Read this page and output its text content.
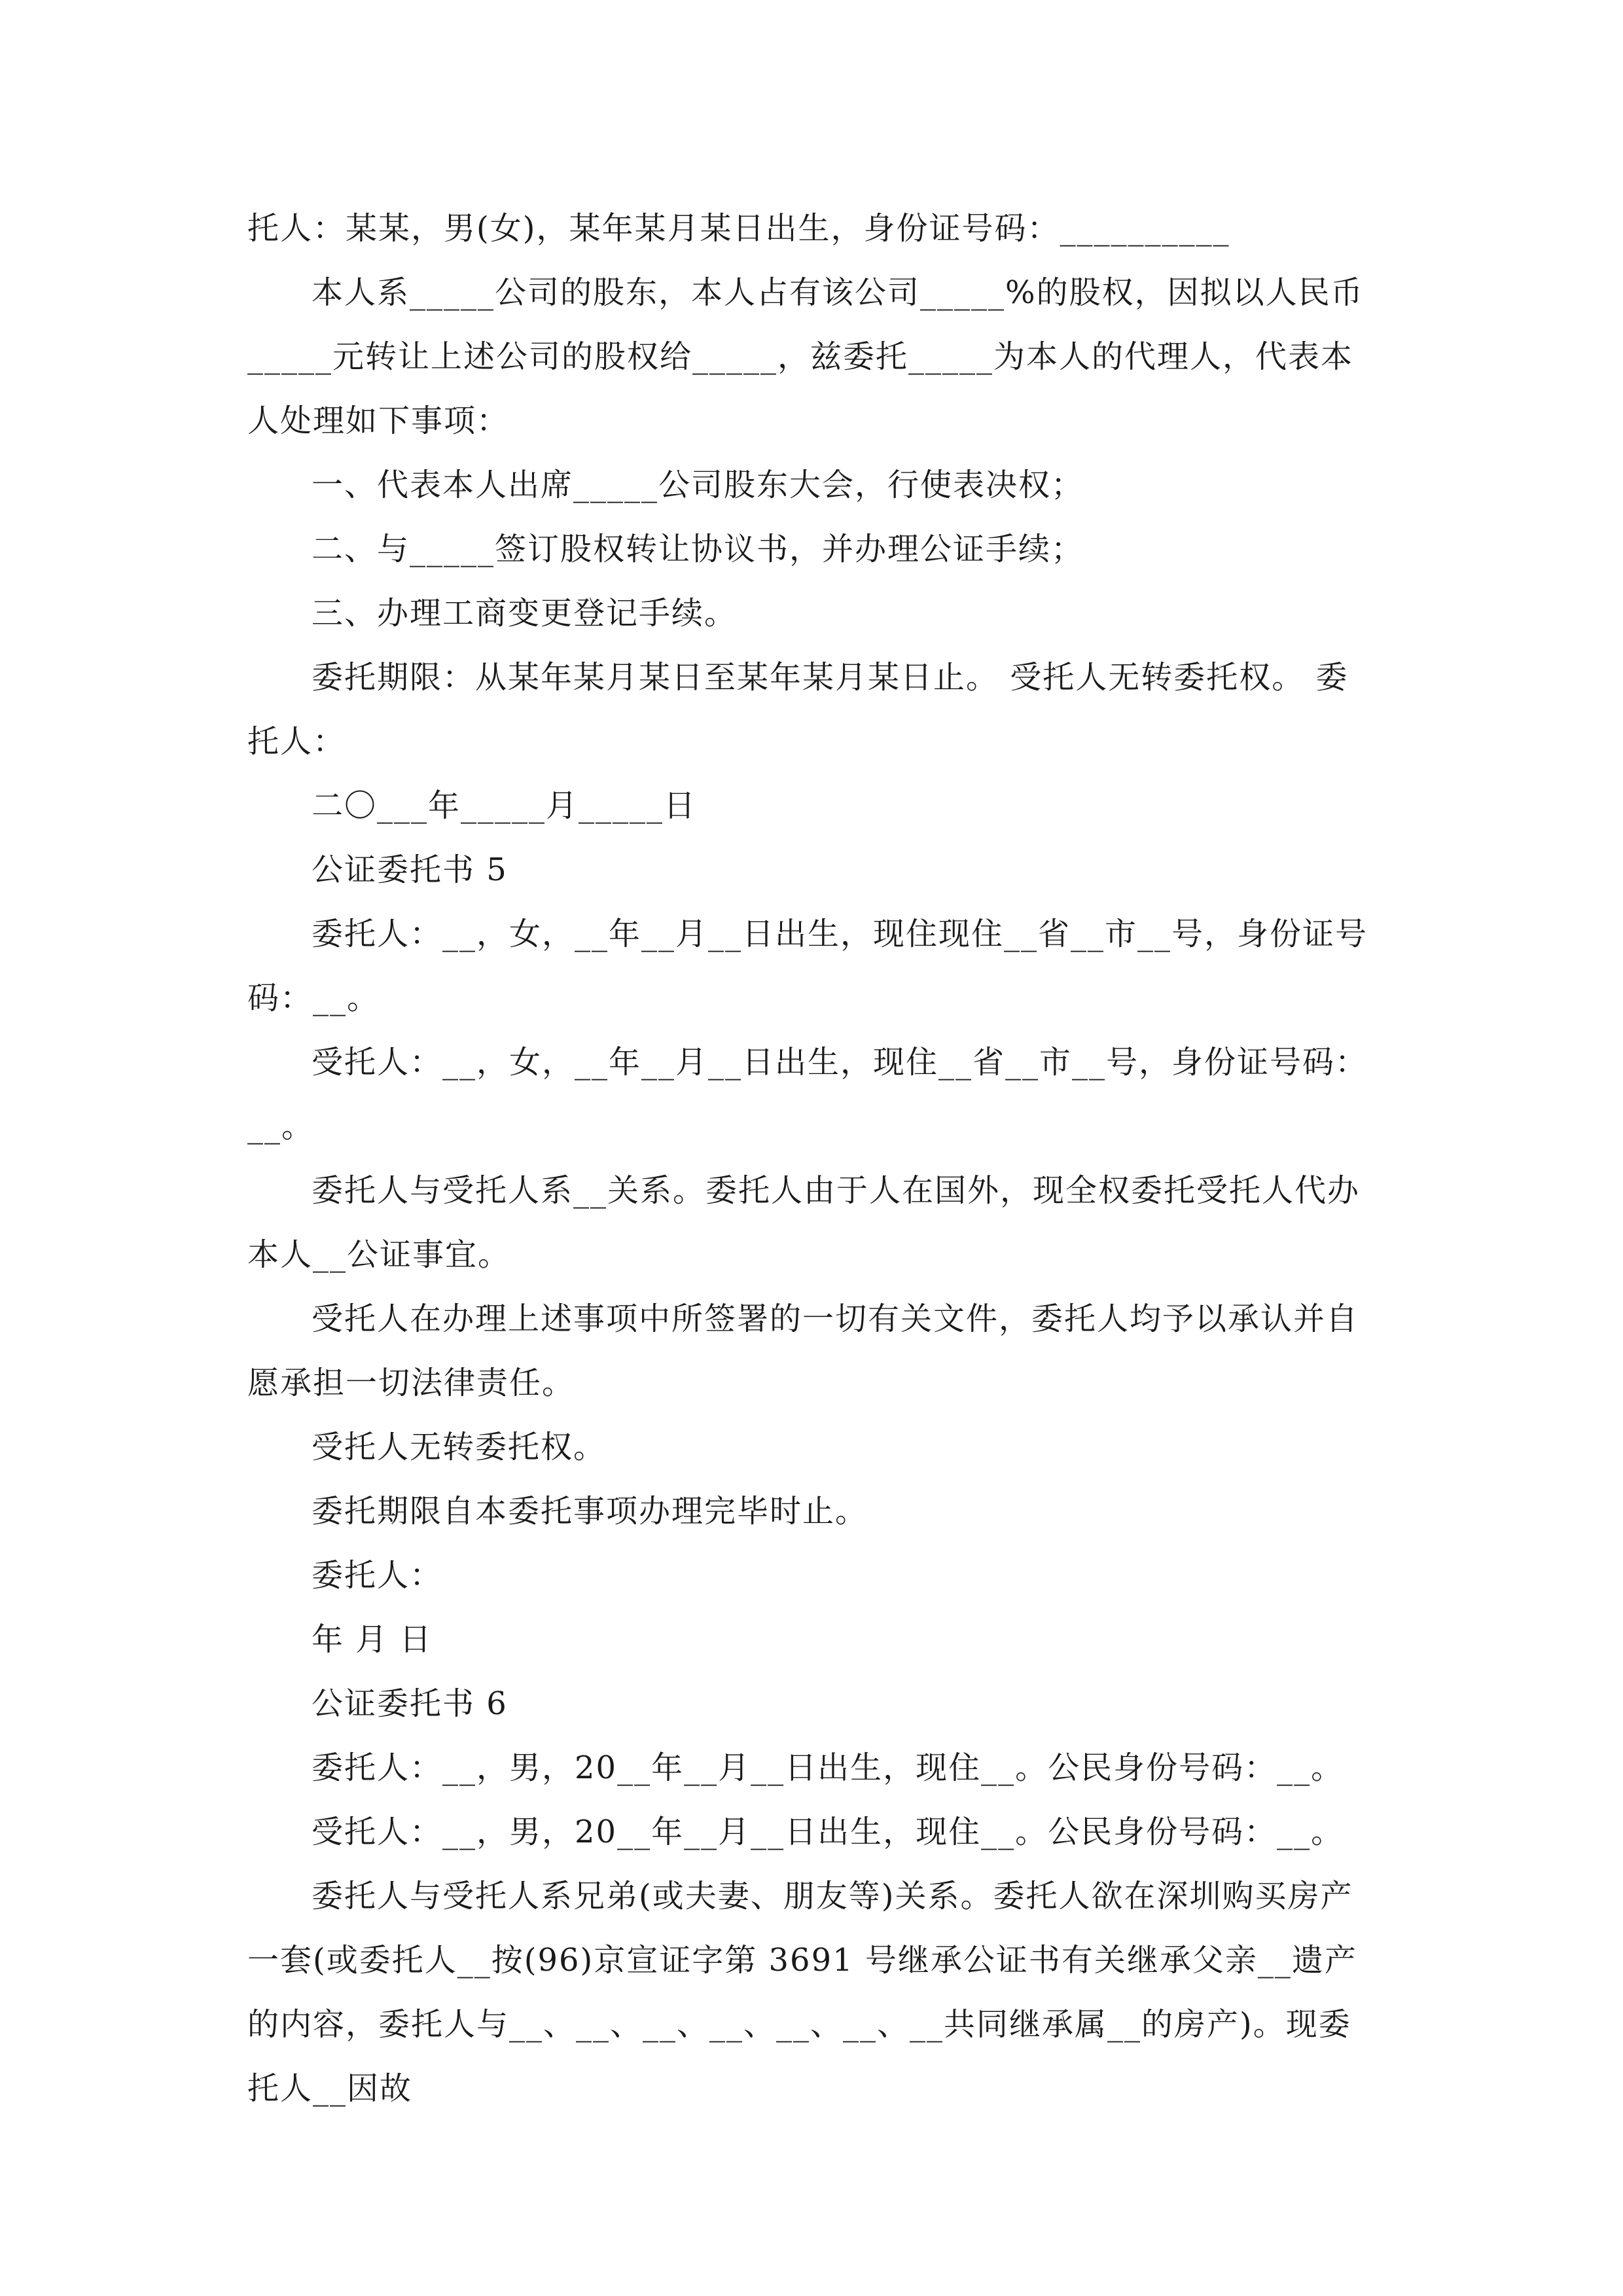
托人：某某，男(女)，某年某月某日出生，身份证号码：__________

本人系_____公司的股东，本人占有该公司_____%的股权，因拟以人民币_____元转让上述公司的股权给_____，兹委托_____为本人的代理人，代表本人处理如下事项：

一、代表本人出席_____公司股东大会，行使表决权；

二、与_____签订股权转让协议书，并办理公证手续；

三、办理工商变更登记手续。

委托期限：从某年某月某日至某年某月某日止。 受托人无转委托权。 委托人：

二〇___年_____月_____日

公证委托书 5

委托人：__，女，__年__月__日出生，现住现住__省__市__号，身份证号码：__。

受托人：__，女，__年__月__日出生，现住__省__市__号，身份证号码：__。

委托人与受托人系__关系。委托人由于人在国外，现全权委托受托人代办本人__公证事宜。

受托人在办理上述事项中所签署的一切有关文件，委托人均予以承认并自愿承担一切法律责任。

受托人无转委托权。

委托期限自本委托事项办理完毕时止。

委托人：

年 月 日

公证委托书 6

委托人：__，男，20__年__月__日出生，现住__。公民身份号码：__。

受托人：__，男，20__年__月__日出生，现住__。公民身份号码：__。

委托人与受托人系兄弟(或夫妻、朋友等)关系。委托人欲在深圳购买房产一套(或委托人__按(96)京宣证字第 3691 号继承公证书有关继承父亲__遗产的内容，委托人与__、__、__、__、__、__、__共同继承属__的房产)。现委托人__因故
